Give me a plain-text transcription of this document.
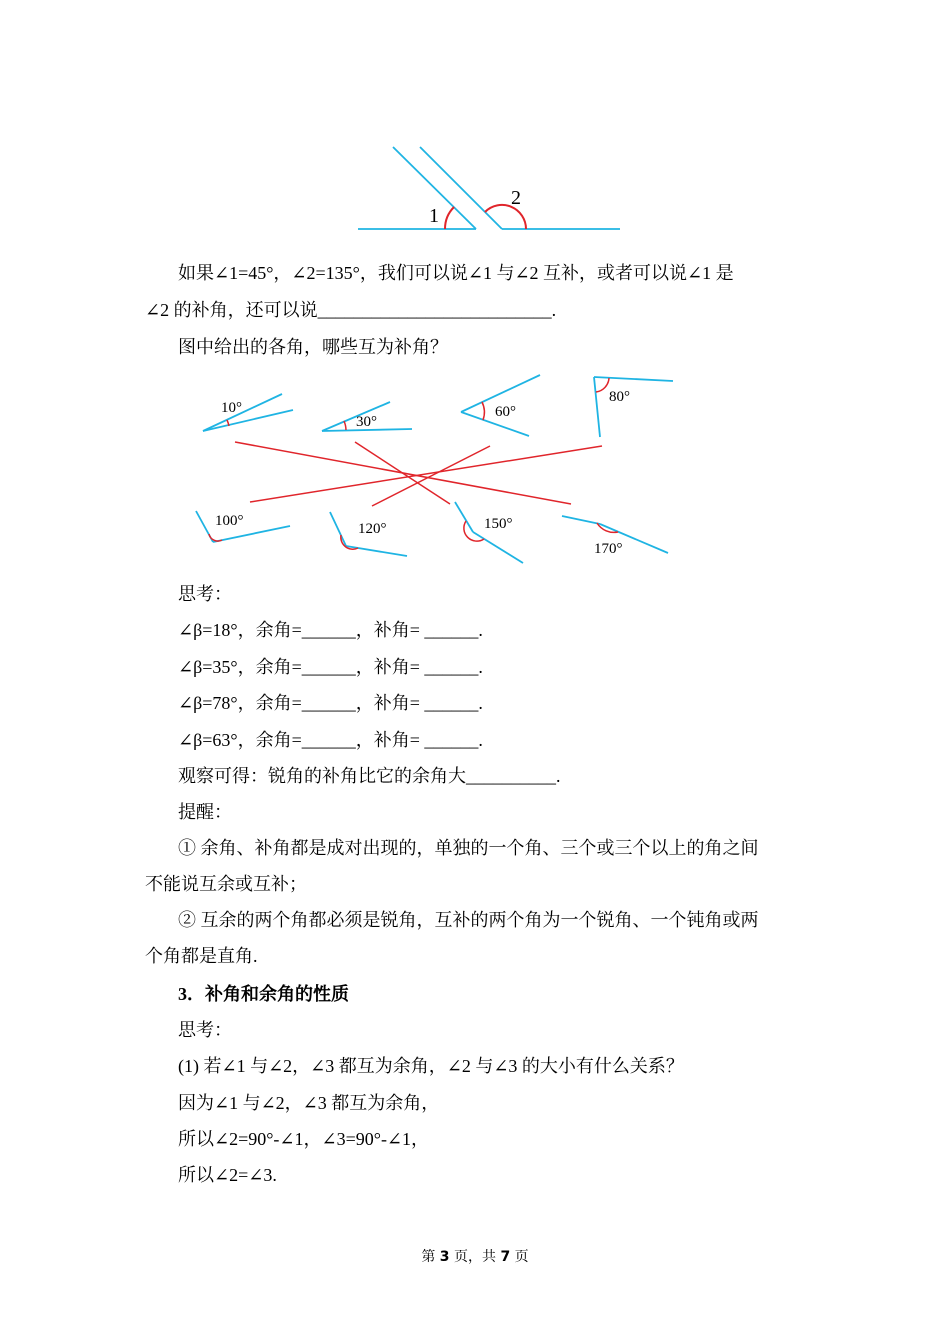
1
2
如果∠1=45°，∠2=135°，我们可以说∠1 与∠2 互补，或者可以说∠1 是
∠2 的补角，还可以说__________________________.
图中给出的各角，哪些互为补角？
10°
30°
60°
80°
100°	120°	150°
170°
思考：
∠β=18°，余角=______，补角= ______.
∠β=35°，余角=______，补角= ______.
∠β=78°，余角=______，补角= ______.
∠β=63°，余角=______，补角= ______.
观察可得：锐角的补角比它的余角大__________.
提醒：
① 余角、补角都是成对出现的，单独的一个角、三个或三个以上的角之间
不能说互余或互补；
② 互余的两个角都必须是锐角，互补的两个角为一个锐角、一个钝角或两
个角都是直角.
3．补角和余角的性质
思考：
(1) 若∠1 与∠2，∠3 都互为余角，∠2 与∠3 的大小有什么关系？
因为∠1 与∠2，∠3 都互为余角，
所以∠2=90°-∠1，∠3=90°-∠1，
所以∠2=∠3.
第 3 页，共 7 页
